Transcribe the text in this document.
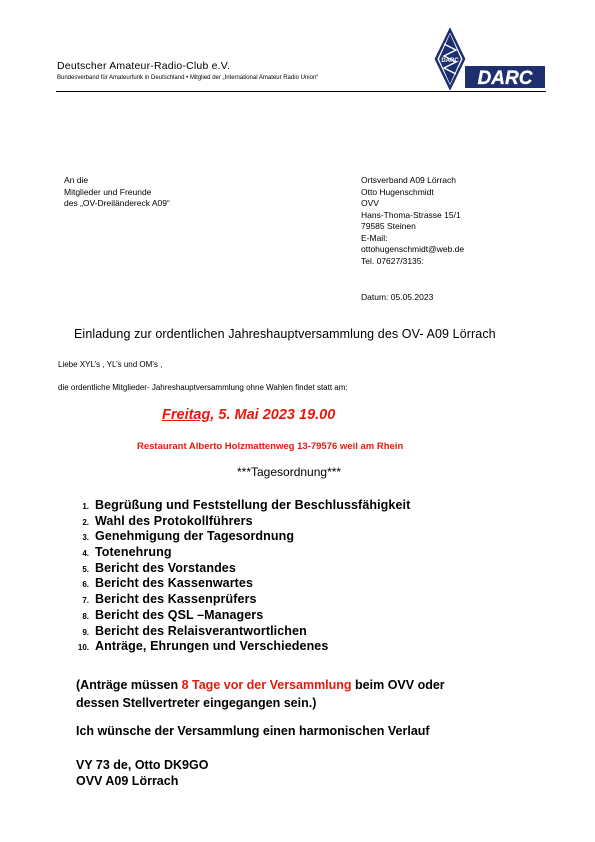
Deutscher Amateur-Radio-Club e.V.
Bundesverband für Amateurfunk in Deutschland • Mitglied der „International Amateur Radio Union“
DARC
DARC
An die
Mitglieder und Freunde
des „OV-Dreiländereck A09“
Ortsverband A09 Lörrach
Otto Hugenschmidt
OVV
Hans-Thoma-Strasse 15/1
79585 Steinen
E-Mail:
ottohugenschmidt@web.de
Tel. 07627/3135:
Datum: 05.05.2023
Einladung zur ordentlichen Jahreshauptversammlung des OV- A09 Lörrach
Liebe XYL’s , YL’s und OM’s ,
die ordentliche Mitglieder- Jahreshauptversammlung ohne Wahlen findet statt am:
Freitag, 5. Mai 2023 19.00
Restaurant Alberto Holzmattenweg 13-79576 weil am Rhein
***Tagesordnung***
1. Begrüßung und Feststellung der Beschlussfähigkeit
2. Wahl des Protokollführers
3. Genehmigung der Tagesordnung
4. Totenehrung
5. Bericht des Vorstandes
6. Bericht des Kassenwartes
7. Bericht des Kassenprüfers
8. Bericht des QSL –Managers
9. Bericht des Relaisverantwortlichen
10. Anträge, Ehrungen und Verschiedenes
(Anträge müssen 8 Tage vor der Versammlung beim OVV oder
dessen Stellvertreter eingegangen sein.)
Ich wünsche der Versammlung einen harmonischen Verlauf
VY 73 de, Otto DK9GO
OVV A09 Lörrach
